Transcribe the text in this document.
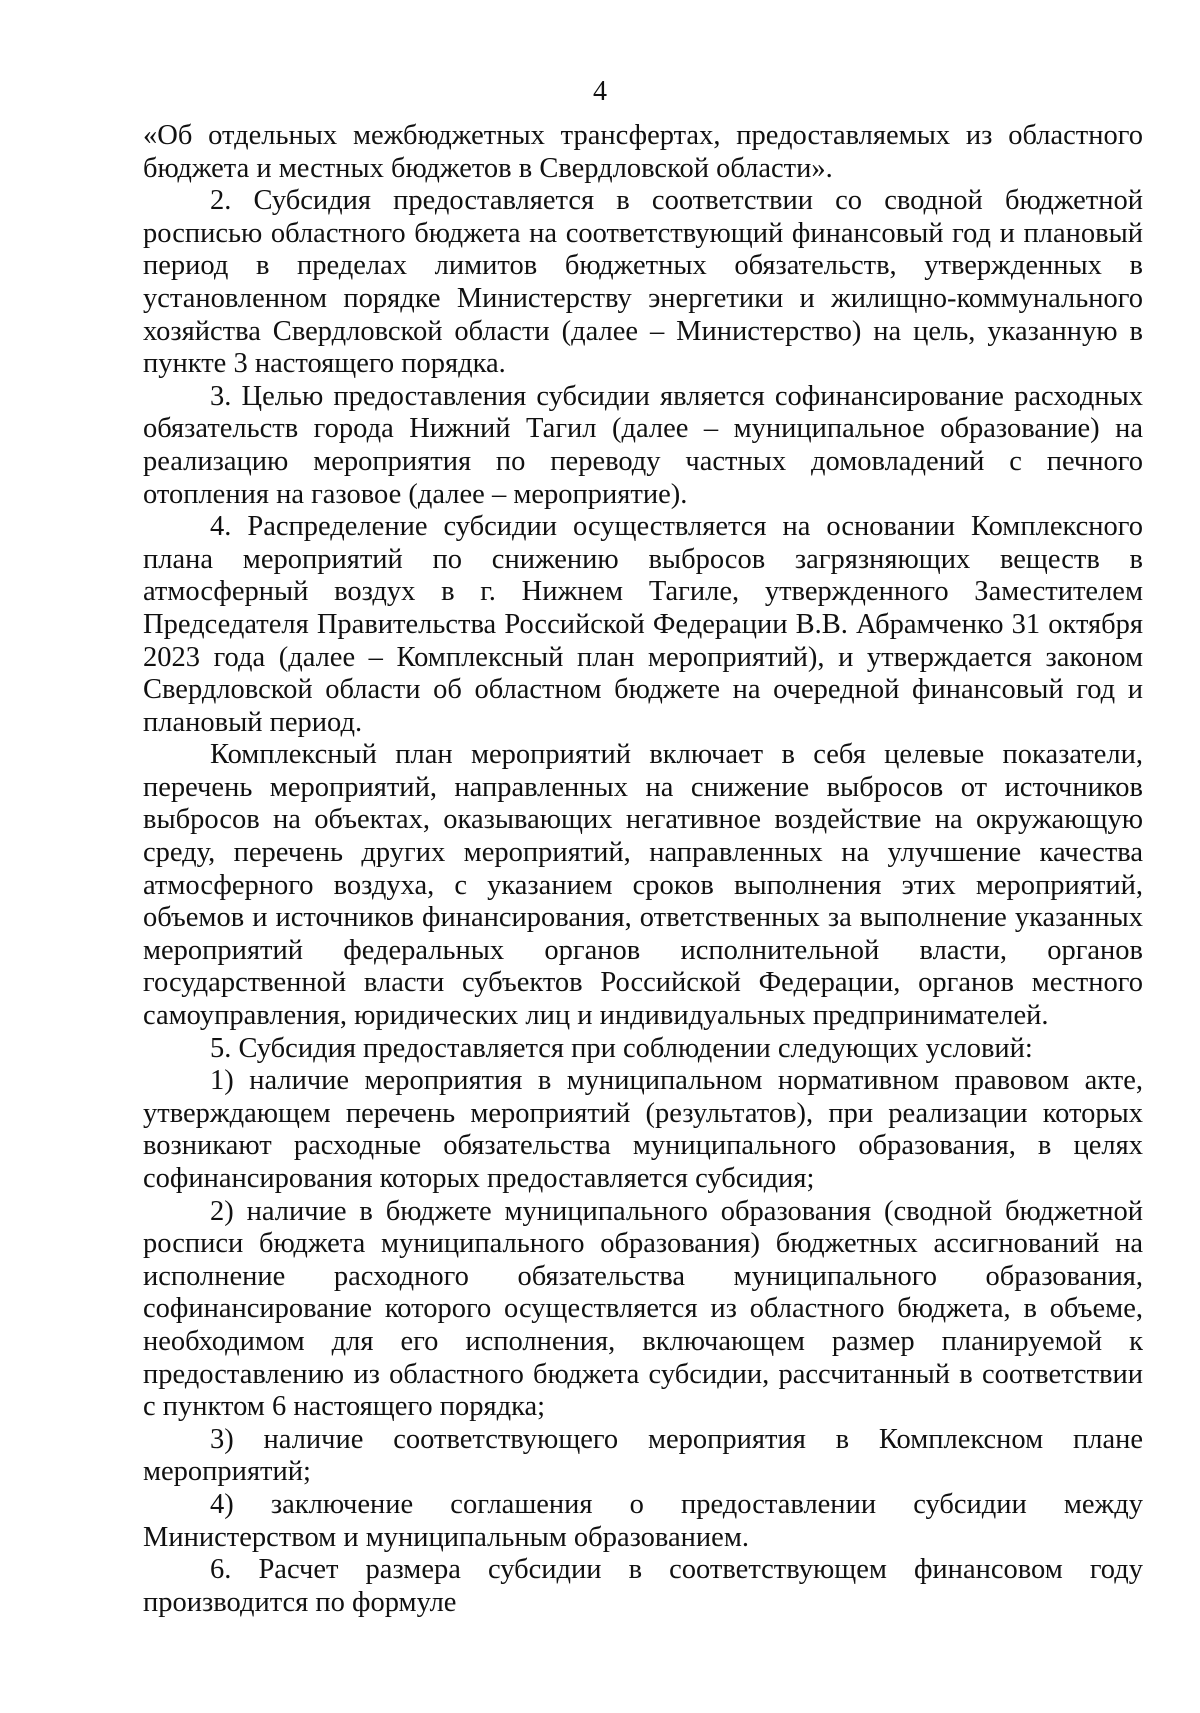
4

«Об отдельных межбюджетных трансфертах, предоставляемых из областного бюджета и местных бюджетов в Свердловской области».

2. Субсидия предоставляется в соответствии со сводной бюджетной росписью областного бюджета на соответствующий финансовый год и плановый период в пределах лимитов бюджетных обязательств, утвержденных в установленном порядке Министерству энергетики и жилищно-коммунального хозяйства Свердловской области (далее – Министерство) на цель, указанную в пункте 3 настоящего порядка.

3. Целью предоставления субсидии является софинансирование расходных обязательств города Нижний Тагил (далее – муниципальное образование) на реализацию мероприятия по переводу частных домовладений с печного отопления на газовое (далее – мероприятие).

4. Распределение субсидии осуществляется на основании Комплексного плана мероприятий по снижению выбросов загрязняющих веществ в атмосферный воздух в г. Нижнем Тагиле, утвержденного Заместителем Председателя Правительства Российской Федерации В.В. Абрамченко 31 октября 2023 года (далее – Комплексный план мероприятий), и утверждается законом Свердловской области об областном бюджете на очередной финансовый год и плановый период.

Комплексный план мероприятий включает в себя целевые показатели, перечень мероприятий, направленных на снижение выбросов от источников выбросов на объектах, оказывающих негативное воздействие на окружающую среду, перечень других мероприятий, направленных на улучшение качества атмосферного воздуха, с указанием сроков выполнения этих мероприятий, объемов и источников финансирования, ответственных за выполнение указанных мероприятий федеральных органов исполнительной власти, органов государственной власти субъектов Российской Федерации, органов местного самоуправления, юридических лиц и индивидуальных предпринимателей.

5. Субсидия предоставляется при соблюдении следующих условий:

1) наличие мероприятия в муниципальном нормативном правовом акте, утверждающем перечень мероприятий (результатов), при реализации которых возникают расходные обязательства муниципального образования, в целях софинансирования которых предоставляется субсидия;

2) наличие в бюджете муниципального образования (сводной бюджетной росписи бюджета муниципального образования) бюджетных ассигнований на исполнение расходного обязательства муниципального образования, софинансирование которого осуществляется из областного бюджета, в объеме, необходимом для его исполнения, включающем размер планируемой к предоставлению из областного бюджета субсидии, рассчитанный в соответствии с пунктом 6 настоящего порядка;

3) наличие соответствующего мероприятия в Комплексном плане мероприятий;

4) заключение соглашения о предоставлении субсидии между Министерством и муниципальным образованием.

6. Расчет размера субсидии в соответствующем финансовом году производится по формуле
